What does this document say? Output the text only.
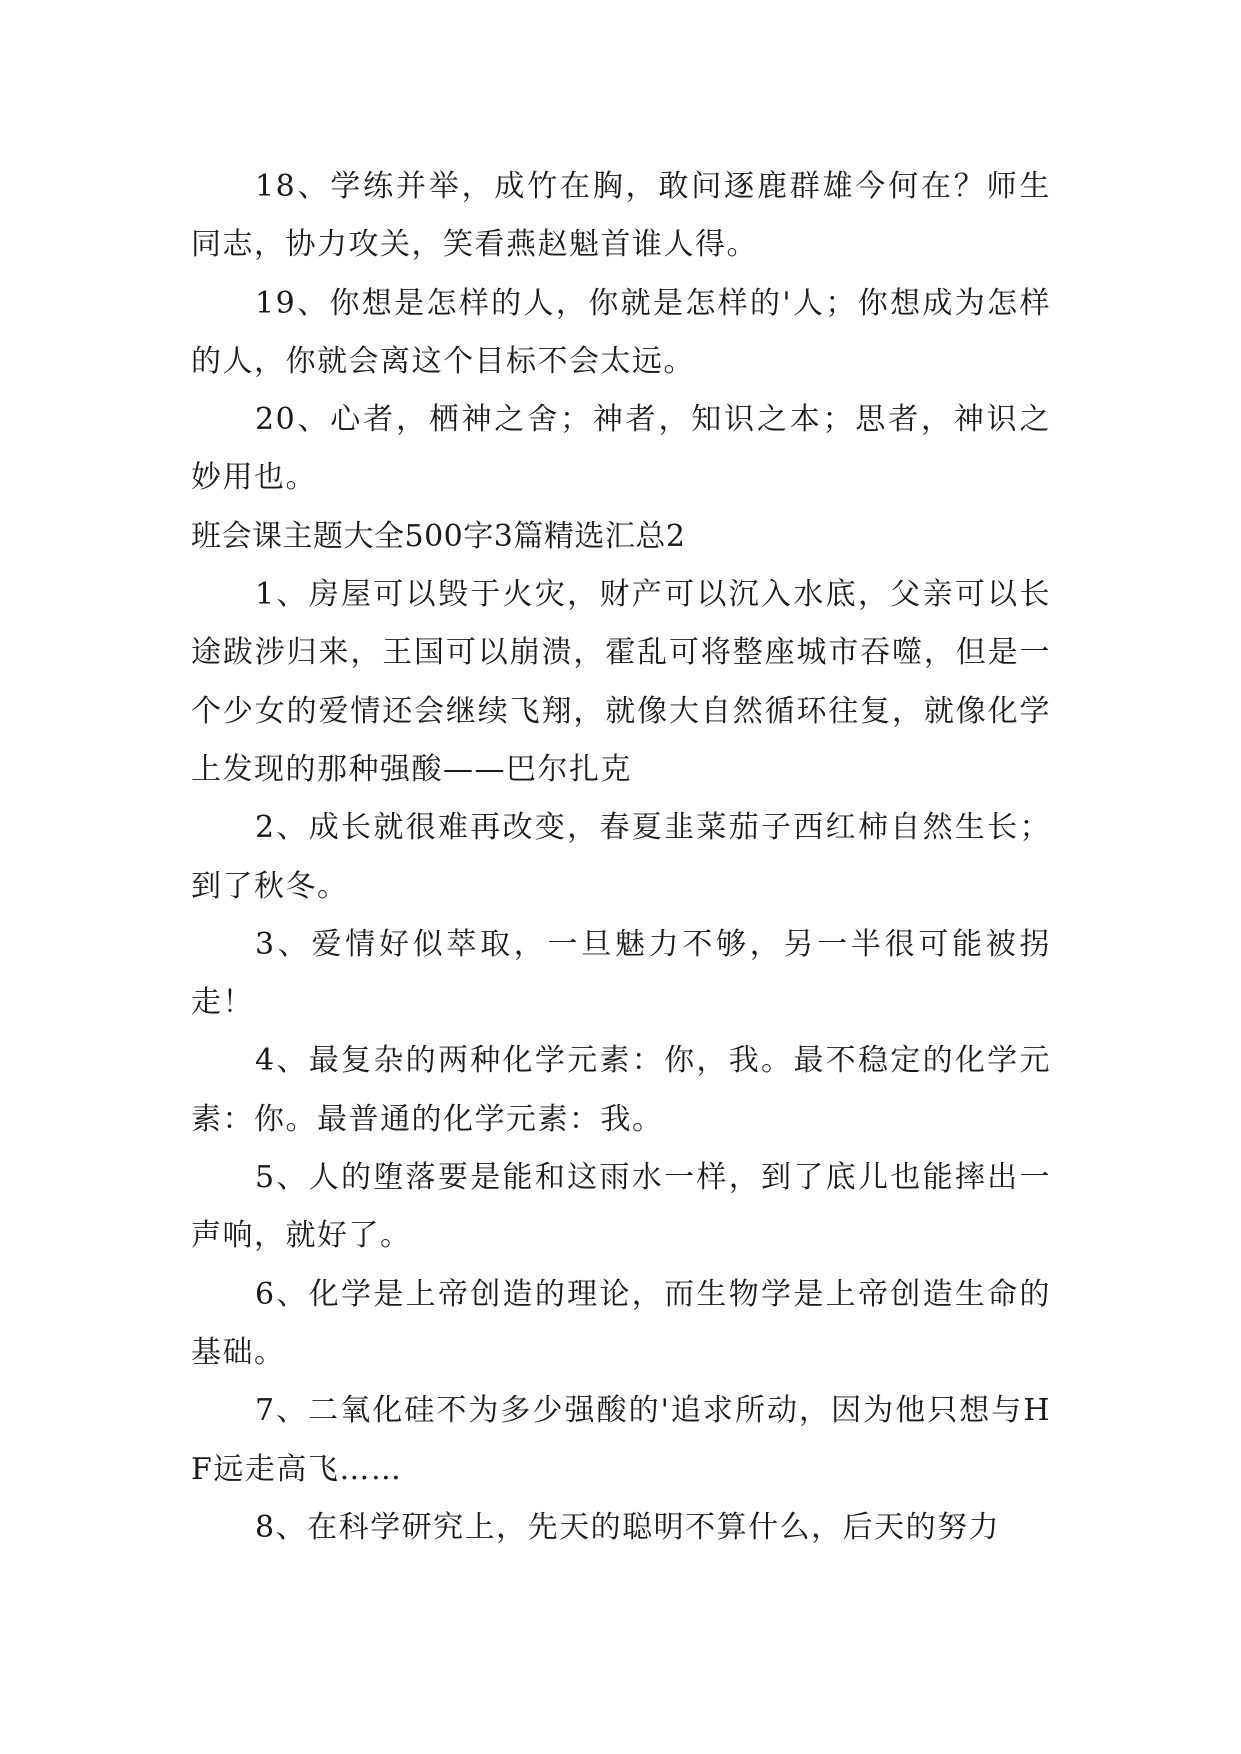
18、学练并举，成竹在胸，敢问逐鹿群雄今何在？师生同志，协力攻关，笑看燕赵魁首谁人得。

19、你想是怎样的人，你就是怎样的'人；你想成为怎样的人，你就会离这个目标不会太远。

20、心者，栖神之舍；神者，知识之本；思者，神识之妙用也。

班会课主题大全500字3篇精选汇总2

1、房屋可以毁于火灾，财产可以沉入水底，父亲可以长途跋涉归来，王国可以崩溃，霍乱可将整座城市吞噬，但是一个少女的爱情还会继续飞翔，就像大自然循环往复，就像化学上发现的那种强酸——巴尔扎克

2、成长就很难再改变，春夏韭菜茄子西红柿自然生长；到了秋冬。

3、爱情好似萃取，一旦魅力不够，另一半很可能被拐走！

4、最复杂的两种化学元素：你，我。最不稳定的化学元素：你。最普通的化学元素：我。

5、人的堕落要是能和这雨水一样，到了底儿也能摔出一声响，就好了。

6、化学是上帝创造的理论，而生物学是上帝创造生命的基础。

7、二氧化硅不为多少强酸的'追求所动，因为他只想与HF远走高飞……

8、在科学研究上，先天的聪明不算什么，后天的努力
